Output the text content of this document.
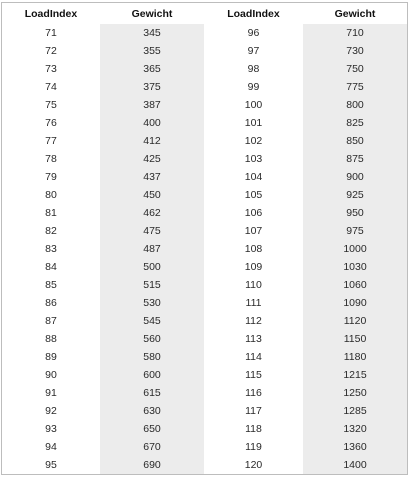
LoadIndex	Gewicht	LoadIndex	Gewicht
71	345	96	710
72	355	97	730
73	365	98	750
74	375	99	775
75	387	100	800
76	400	101	825
77	412	102	850
78	425	103	875
79	437	104	900
80	450	105	925
81	462	106	950
82	475	107	975
83	487	108	1000
84	500	109	1030
85	515	110	1060
86	530	111	1090
87	545	112	1120
88	560	113	1150
89	580	114	1180
90	600	115	1215
91	615	116	1250
92	630	117	1285
93	650	118	1320
94	670	119	1360
95	690	120	1400
